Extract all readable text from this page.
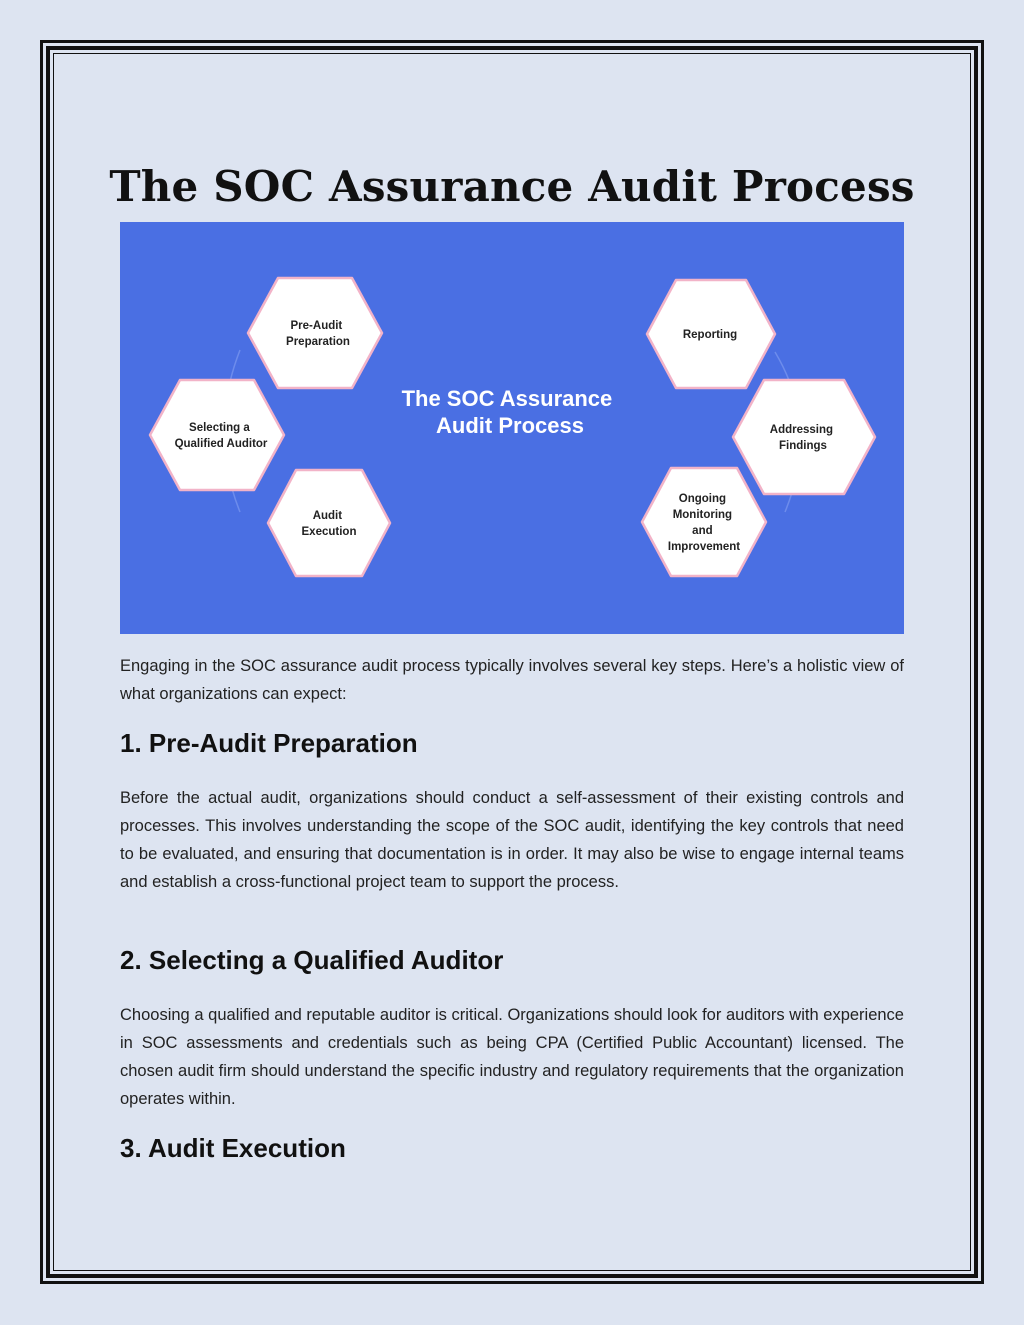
The SOC Assurance Audit Process
Pre-Audit Preparation
Selecting a Qualified Auditor
Audit Execution
The SOC Assurance Audit Process
Reporting
Addressing Findings
Ongoing Monitoring and Improvement

Engaging in the SOC assurance audit process typically involves several key steps. Here’s a holistic view of what organizations can expect:

1. Pre-Audit Preparation

Before the actual audit, organizations should conduct a self-assessment of their existing controls and processes. This involves understanding the scope of the SOC audit, identifying the key controls that need to be evaluated, and ensuring that documentation is in order. It may also be wise to engage internal teams and establish a cross-functional project team to support the process.

2. Selecting a Qualified Auditor

Choosing a qualified and reputable auditor is critical. Organizations should look for auditors with experience in SOC assessments and credentials such as being CPA (Certified Public Accountant) licensed. The chosen audit firm should understand the specific industry and regulatory requirements that the organization operates within.

3. Audit Execution
